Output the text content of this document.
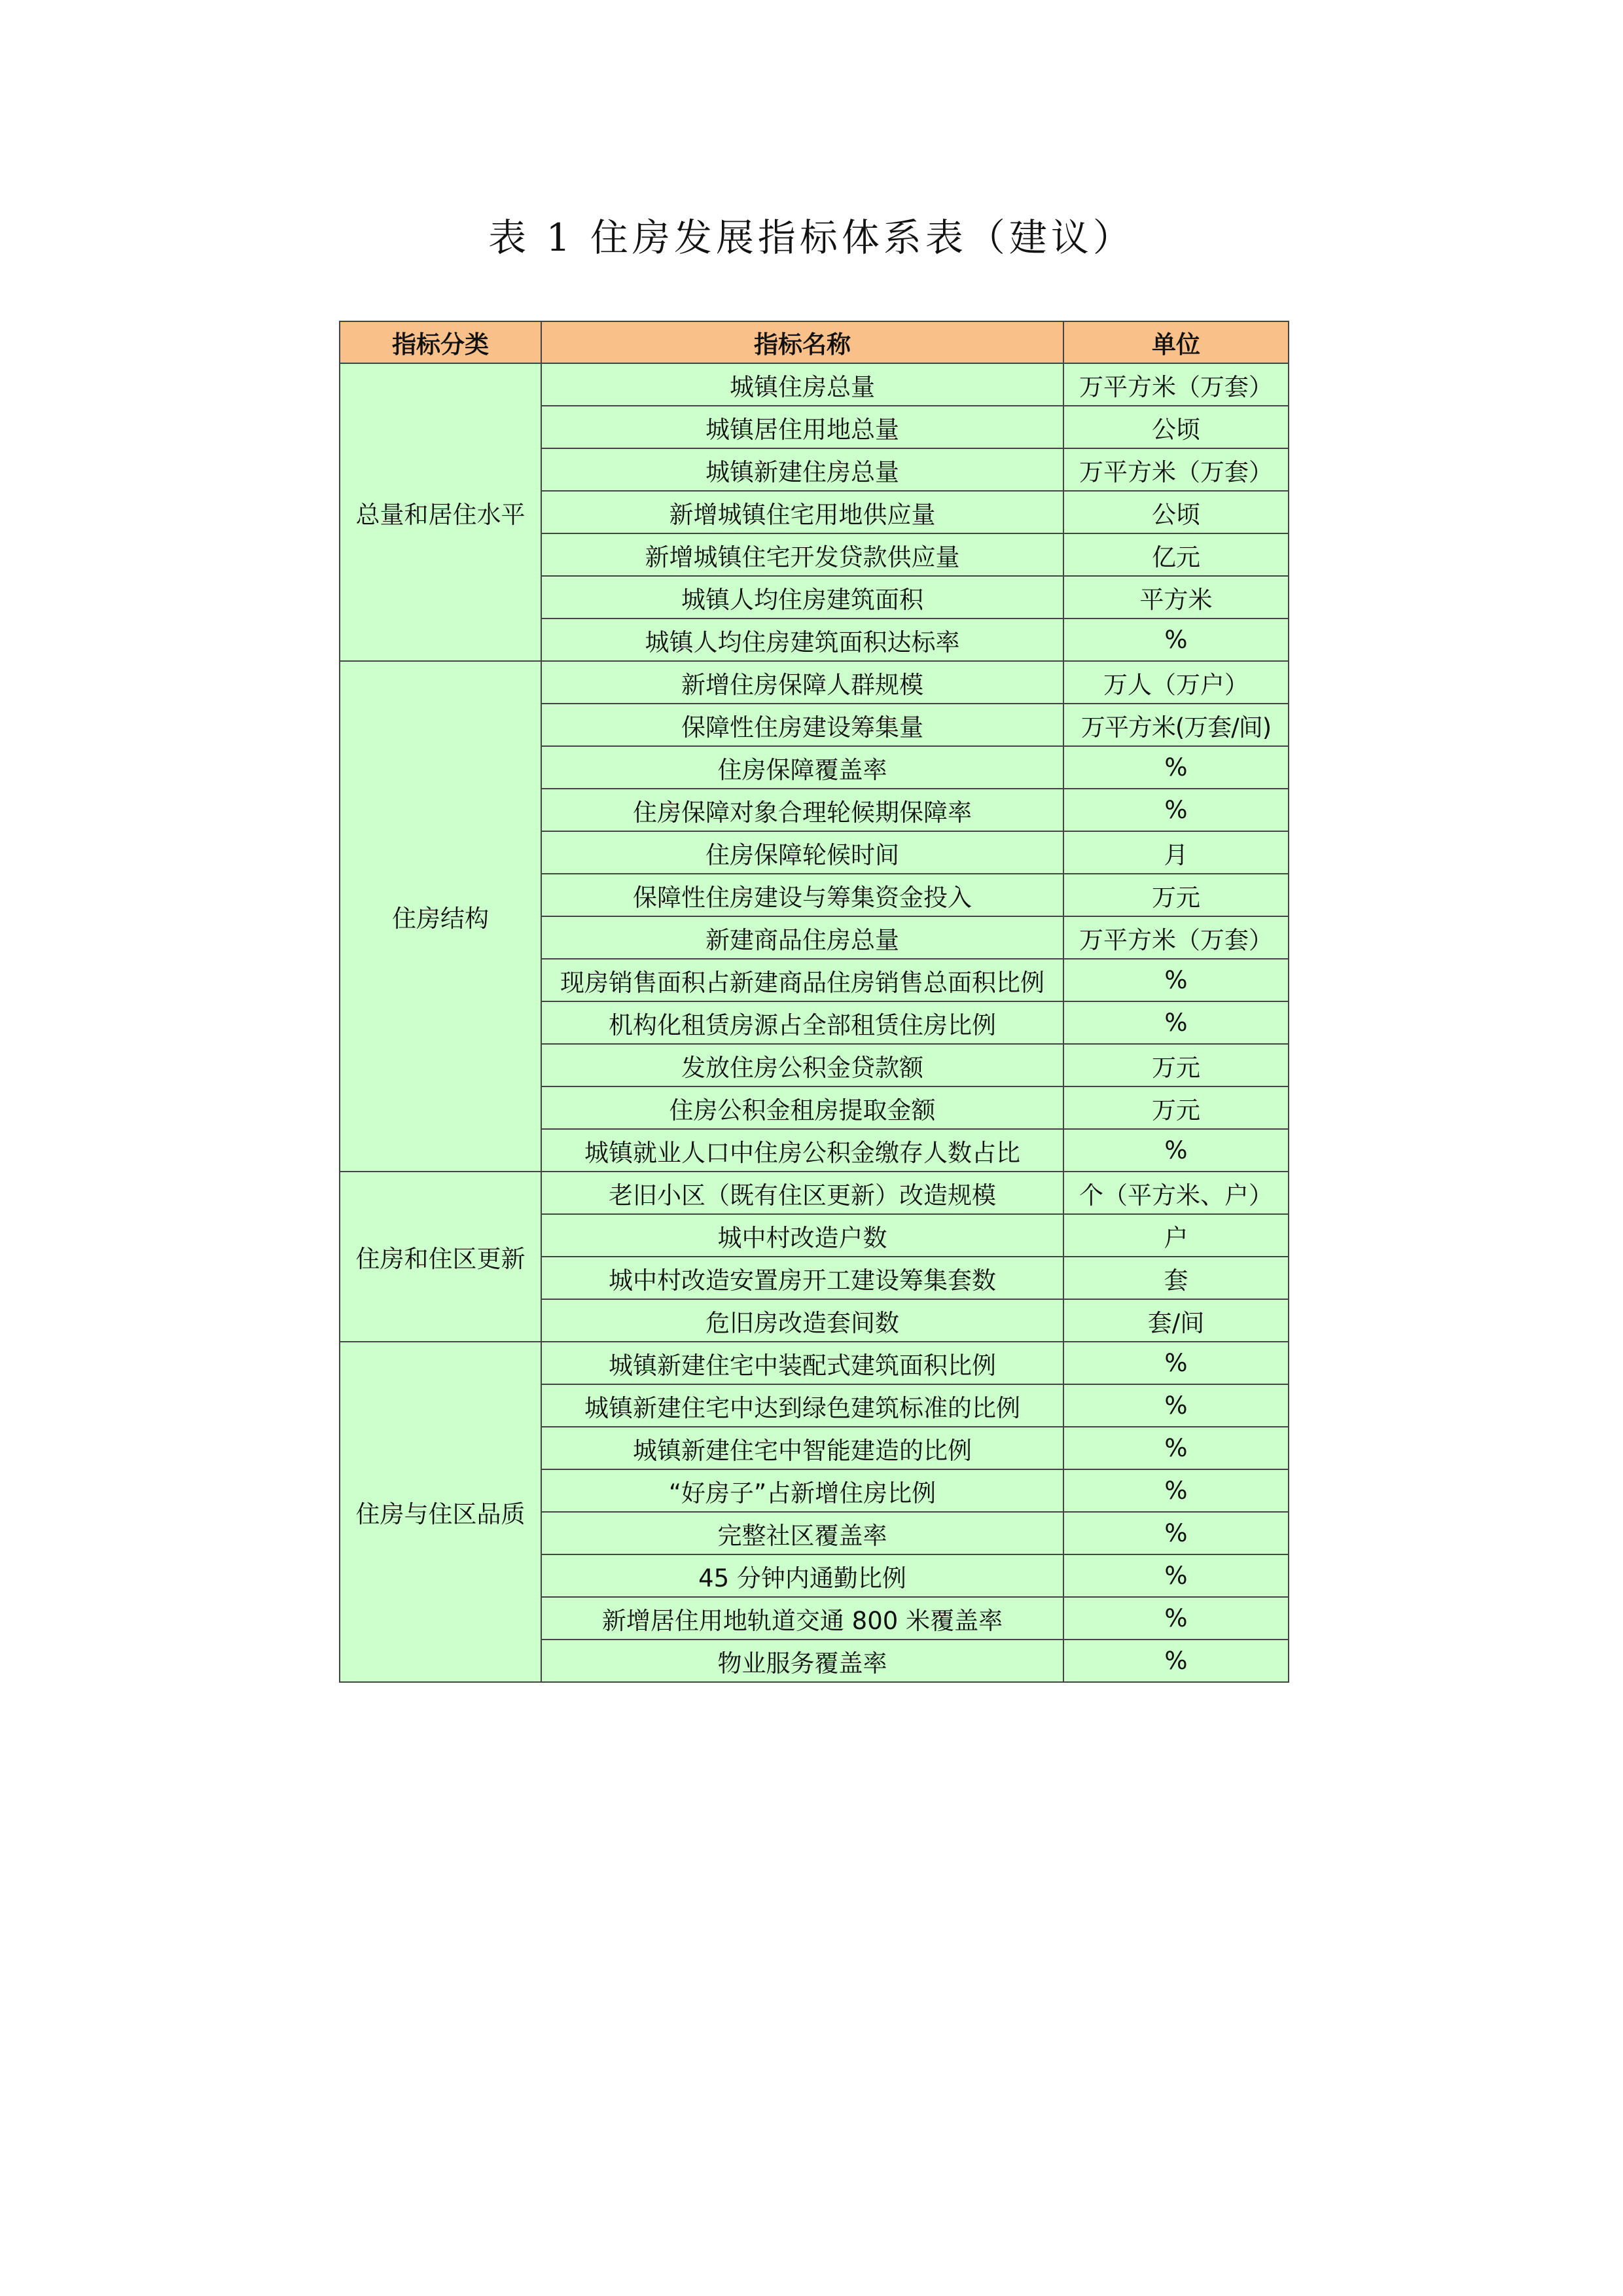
表 1 住房发展指标体系表（建议）
指标分类	指标名称	单位
总量和居住水平	城镇住房总量	万平方米（万套）
	城镇居住用地总量	公顷
	城镇新建住房总量	万平方米（万套）
	新增城镇住宅用地供应量	公顷
	新增城镇住宅开发贷款供应量	亿元
	城镇人均住房建筑面积	平方米
	城镇人均住房建筑面积达标率	%
住房结构	新增住房保障人群规模	万人（万户）
	保障性住房建设筹集量	万平方米(万套/间)
	住房保障覆盖率	%
	住房保障对象合理轮候期保障率	%
	住房保障轮候时间	月
	保障性住房建设与筹集资金投入	万元
	新建商品住房总量	万平方米（万套）
	现房销售面积占新建商品住房销售总面积比例	%
	机构化租赁房源占全部租赁住房比例	%
	发放住房公积金贷款额	万元
	住房公积金租房提取金额	万元
	城镇就业人口中住房公积金缴存人数占比	%
住房和住区更新	老旧小区（既有住区更新）改造规模	个（平方米、户）
	城中村改造户数	户
	城中村改造安置房开工建设筹集套数	套
	危旧房改造套间数	套/间
住房与住区品质	城镇新建住宅中装配式建筑面积比例	%
	城镇新建住宅中达到绿色建筑标准的比例	%
	城镇新建住宅中智能建造的比例	%
	“好房子”占新增住房比例	%
	完整社区覆盖率	%
	45 分钟内通勤比例	%
	新增居住用地轨道交通 800 米覆盖率	%
	物业服务覆盖率	%
